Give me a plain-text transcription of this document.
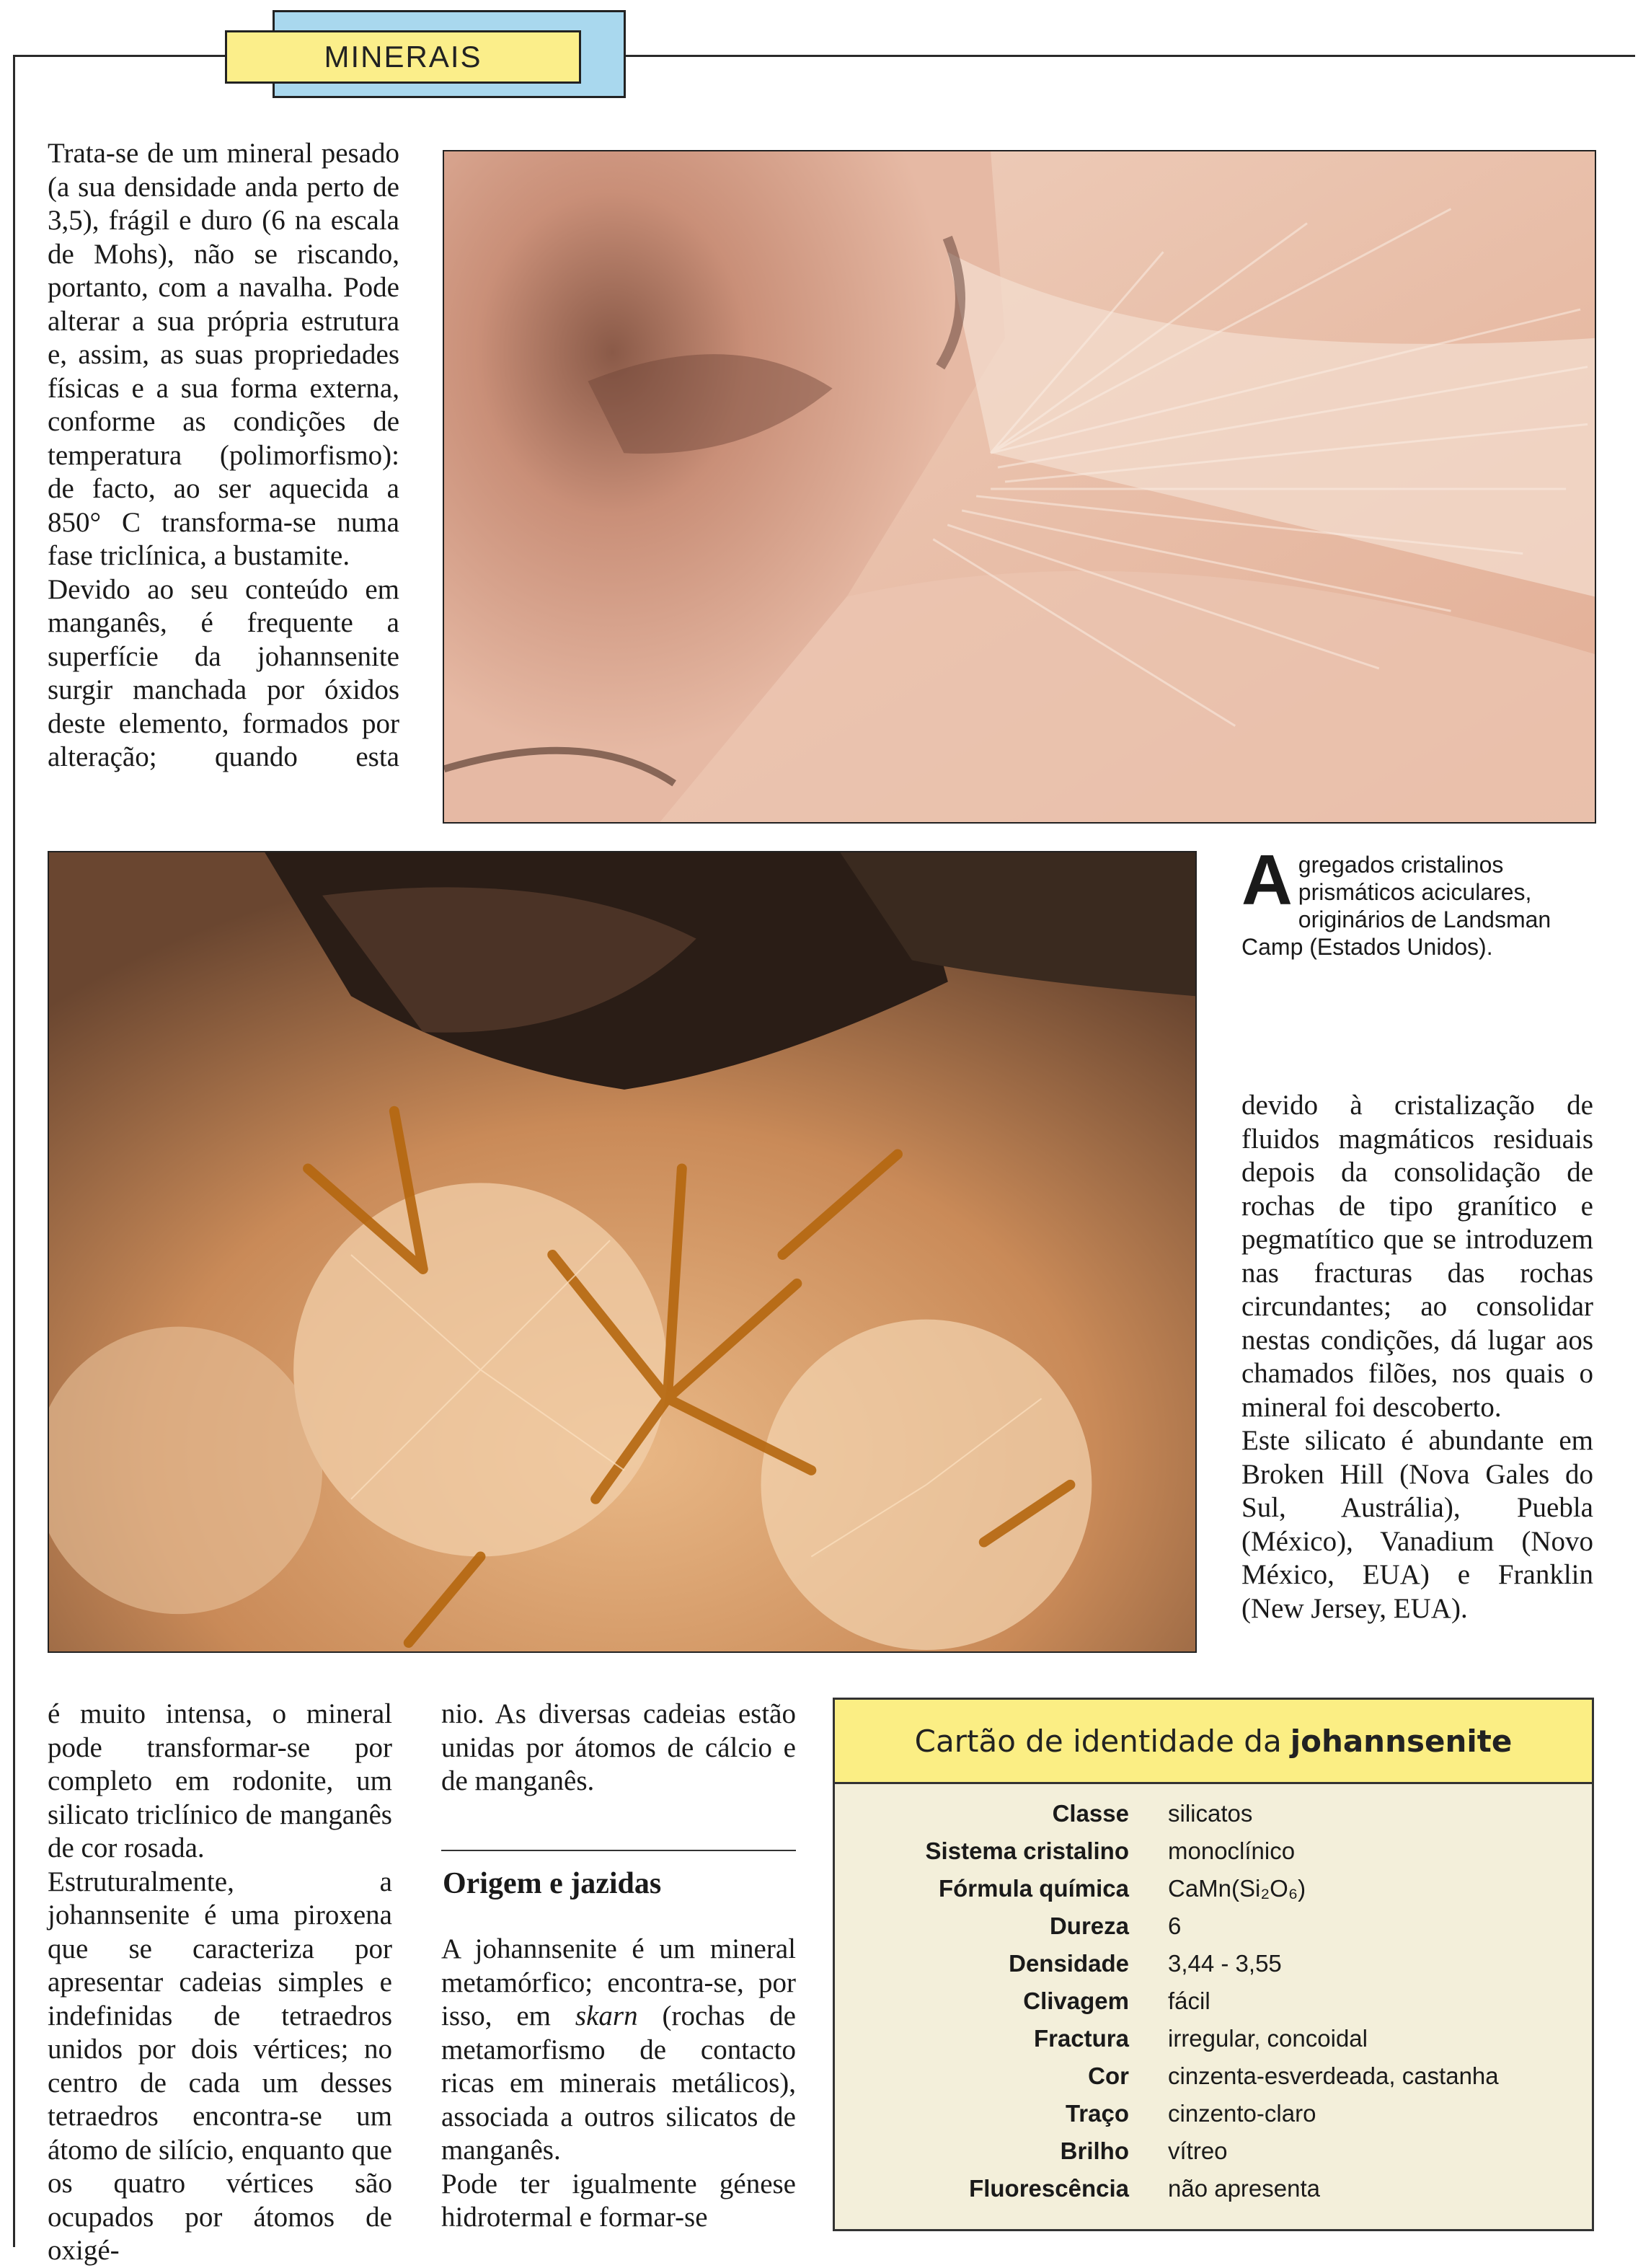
MINERAIS

Trata-se de um mineral pesado (a sua densidade anda perto de 3,5), frágil e duro (6 na escala de Mohs), não se riscando, portanto, com a navalha. Pode alterar a sua própria estrutura e, assim, as suas propriedades físicas e a sua forma externa, conforme as condições de temperatura (polimorfismo): de facto, ao ser aquecida a 850° C transforma-se numa fase triclínica, a bustamite.

Devido ao seu conteúdo em manganês, é frequente a superfície da johannsenite surgir manchada por óxidos deste elemento, formados por alteração; quando esta

Agregados cristalinos prismáticos aciculares, originários de Landsman Camp (Estados Unidos).

devido à cristalização de fluidos magmáticos residuais depois da consolidação de rochas de tipo granítico e pegmatítico que se introduzem nas fracturas das rochas circundantes; ao consolidar nestas condições, dá lugar aos chamados filões, nos quais o mineral foi descoberto.

Este silicato é abundante em Broken Hill (Nova Gales do Sul, Austrália), Puebla (México), Vanadium (Novo México, EUA) e Franklin (New Jersey, EUA).

é muito intensa, o mineral pode transformar-se por completo em rodonite, um silicato triclínico de manganês de cor rosada.

Estruturalmente, a johannsenite é uma piroxena que se caracteriza por apresentar cadeias simples e indefinidas de tetraedros unidos por dois vértices; no centro de cada um desses tetraedros encontra-se um átomo de silício, enquanto que os quatro vértices são ocupados por átomos de oxigé-

nio. As diversas cadeias estão unidas por átomos de cálcio e de manganês.

Origem e jazidas

A johannsenite é um mineral metamórfico; encontra-se, por isso, em skarn (rochas de metamorfismo de contacto ricas em minerais metálicos), associada a outros silicatos de manganês.

Pode ter igualmente génese hidrotermal e formar-se

Cartão de identidade da johannsenite
Classe	silicatos
Sistema cristalino	monoclínico
Fórmula química	CaMn(Si₂O₆)
Dureza	6
Densidade	3,44 - 3,55
Clivagem	fácil
Fractura	irregular, concoidal
Cor	cinzenta-esverdeada, castanha
Traço	cinzento-claro
Brilho	vítreo
Fluorescência	não apresenta
